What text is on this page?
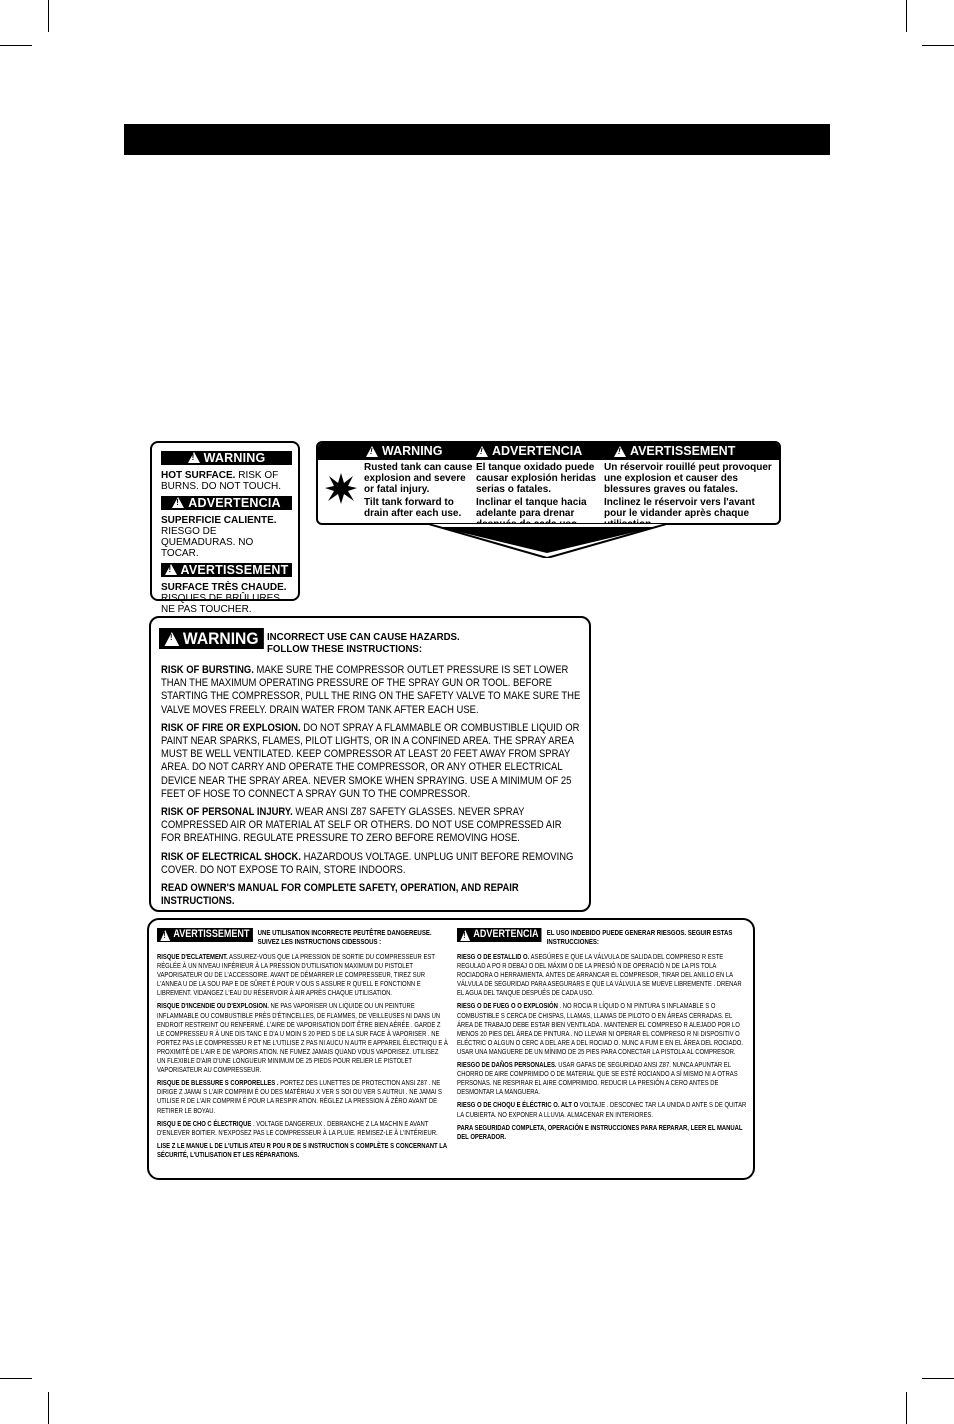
!
WARNING
HOT SURFACE. RISK OF BURNS. DO NOT TOUCH.
!
ADVERTENCIA
SUPERFICIE CALIENTE.
RIESGO DE QUEMADURAS. NO TOCAR.
!
AVERTISSEMENT
SURFACE TRÈS CHAUDE.
RISQUES DE BRÛLURES. NE PAS TOUCHER.
!
WARNING !	ADVERTENCIA !	AVERTISSEMENT

Rusted tank can cause explosion and severe or fatal injury.

Tilt tank forward to drain after each use.

El tanque oxidado puede causar explosión heridas serias o fatales.

Inclinar el tanque hacia adelante para drenar

Un réservoir rouillé peut provoquer une explosion et causer des blessures graves ou fatales.

Inclinez le réservoir vers l'avant pour le vidander après chaque

!
WARNING INCORRECT USE CAN CAUSE HAZARDS.
FOLLOW THESE INSTRUCTIONS:

RISK OF BURSTING. MAKE SURE THE COMPRESSOR OUTLET PRESSURE IS SET LOWER THAN THE MAXIMUM OPERATING PRESSURE OF THE SPRAY GUN OR TOOL. BEFORE STARTING THE COMPRESSOR, PULL THE RING ON THE SAFETY VALVE TO MAKE SURE THE VALVE MOVES FREELY. DRAIN WATER FROM TANK AFTER EACH USE.

RISK OF FIRE OR EXPLOSION. DO NOT SPRAY A FLAMMABLE OR COMBUSTIBLE LIQUID OR PAINT NEAR SPARKS, FLAMES, PILOT LIGHTS, OR IN A CONFINED AREA. THE SPRAY AREA MUST BE WELL VENTILATED. KEEP COMPRESSOR AT LEAST 20 FEET AWAY FROM SPRAY AREA. DO NOT CARRY AND OPERATE THE COMPRESSOR, OR ANY OTHER ELECTRICAL DEVICE NEAR THE SPRAY AREA. NEVER SMOKE WHEN SPRAYING. USE A MINIMUM OF 25 FEET OF HOSE TO CONNECT A SPRAY GUN TO THE COMPRESSOR.

RISK OF PERSONAL INJURY. WEAR ANSI Z87 SAFETY GLASSES. NEVER SPRAY COMPRESSED AIR OR MATERIAL AT SELF OR OTHERS. DO NOT USE COMPRESSED AIR FOR BREATHING. REGULATE PRESSURE TO ZERO BEFORE REMOVING HOSE.

RISK OF ELECTRICAL SHOCK. HAZARDOUS VOLTAGE. UNPLUG UNIT BEFORE REMOVING COVER. DO NOT EXPOSE TO RAIN, STORE INDOORS.

READ OWNER'S MANUAL FOR COMPLETE SAFETY, OPERATION, AND REPAIR INSTRUCTIONS.

!
AVERTISSEMENT UNE UTILISATION INCORRECTE PEUTÊTRE DANGEREUSE. SUIVEZ LES INSTRUCTIONS CIDESSOUS :

RISQUE D'ECLATEMENT. ASSUREZ-VOUS QUE LA PRESSION DE SORTIE DU COMPRESSEUR EST RÉGLÉE À UN NIVEAU INFÉRIEUR À LA PRESSION D'UTILISATION MAXIMUM DU PISTOLET VAPORISATEUR OU DE L'ACCESSOIRE. AVANT DE DÉMARRER LE COMPRESSEUR, TIREZ SUR L'ANNEA U DE LA SOU PAP E DE SÛRET É POUR V OUS S ASSURE R QU'ELL E FONCTIONN E LIBREMENT. VIDANGEZ L'EAU DU RÉSERVOIR À AIR APRÈS CHAQUE UTILISATION.

RISQUE D'INCENDIE OU D'EXPLOSION. NE PAS VAPORISER UN LIQUIDE OU UN PEINTURE INFLAMMABLE OU COMBUSTIBLE PRÈS D'ÉTINCELLES, DE FLAMMES, DE VEILLEUSES NI DANS UN ENDROIT RESTREINT OU RENFERMÉ. L'AIRE DE VAPORISATION DOIT ÊTRE BIEN AÉRÉE . GARDE Z LE COMPRESSEU R À UNE DIS TANC E D'A U MOIN S 20 PIED S DE LA SUR FACE À VAPORISER . NE PORTEZ PAS LE COMPRESSEU R ET NE L'UTILISE Z PAS NI AUCU N AUTR E APPAREIL ÉLECTRIQU E À PROXIMITÉ DE L'AIR E DE VAPORIS ATION. NE FUMEZ JAMAIS QUAND VOUS VAPORISEZ. UTILISEZ UN FLEXIBLE D'AIR D'UNE LONGUEUR MINIMUM DE 25 PIEDS POUR RELIER LE PISTOLET VAPORISATEUR AU COMPRESSEUR.

RISQUE DE BLESSURE S CORPORELLES . PORTEZ DES LUNETTES DE PROTECTION ANSI Z87 . NE DIRIGE Z JAMAI S L'AIR COMPRIM É OU DES MATÉRIAU X VER S SOI OU VER S AUTRUI . NE JAMAI S UTILISE R DE L'AIR COMPRIM É POUR LA RESPIR ATION. RÉGLEZ LA PRESSION À ZÉRO AVANT DE RETIRER LE BOYAU.

RISQU E DE CHO C ÉLECTRIQUE . VOLTAGE DANGEREUX . DEBRANCHE Z LA MACHIN E AVANT D'ENLEVER BOITIER. N'EXPOSEZ PAS LE COMPRESSEUR À LA PLUIE. REMISEZ-LE À L'INTÉRIEUR.

LISE Z LE MANUE L DE L'UTILIS ATEU R POU R DE S INSTRUCTION S COMPLÈTE S CONCERNANT LA SÉCURITÉ, L'UTILISATION ET LES RÉPARATIONS.

!
ADVERTENCIA EL USO INDEBIDO PUEDE GENERAR RIESGOS. SEGUIR ESTAS INSTRUCCIONES:

RIESG O DE ESTALLID O. ASEGÚRES E QUE LA VÁLVULA DE SALIDA DEL COMPRESO R ESTE REGULAD A PO R DEBAJ O DEL MÁXIM O DE LA PRESIÓ N DE OPERACIÓ N DE LA PIS TOLA ROCIADORA O HERRAMIENTA. ANTES DE ARRANCAR EL COMPRESOR, TIRAR DEL ANILLO EN LA VÁLVULA DE SEGURIDAD PARA ASEGURARS E QUE LA VÁLVULA SE MUEVE LIBREMENTE . DRENAR EL AGUA DEL TANQUE DESPUÉS DE CADA USO.

RIESG O DE FUEG O O EXPLOSIÓN . NO ROCIA R LÍQUID O NI PINTURA S INFLAMABLE S O COMBUSTIBLE S CERCA DE CHISPAS, LLAMAS, LLAMAS DE PILOTO O EN ÁREAS CERRADAS. EL ÁREA DE TRABAJO DEBE ESTAR BIEN VENTILADA . MANTENER EL COMPRESO R ALEJADO POR LO MENOS 20 PIES DEL ÁREA DE PINTURA . NO LLEVAR NI OPERAR EL COMPRESO R NI DISPOSITIV O ELÉCTRIC O ALGUN O CERC A DEL ARE A DEL ROCIAD O. NUNC A FUM E EN EL ÁREA DEL ROCIADO. USAR UNA MANGUERE DE UN MÍNIMO DE 25 PIES PARA CONECTAR LA PISTOLA AL COMPRESOR.

RIESGO DE DAÑOS PERSONALES. USAR GAFAS DE SEGURIDAD ANSI Z87. NUNCA APUNTAR EL CHORRO DE AIRE COMPRIMIDO O DE MATERIAL QUE SE ESTÉ ROCIANDO A SÍ MISMO NI A OTRAS PERSONAS. NE RESPIRAR EL AIRE COMPRIMIDO. REDUCIR LA PRESIÓN A CERO ANTES DE DESMONTAR LA MANGUERA.

RIESG O DE CHOQU E ÉLÉCTRIC O. ALT O VOLTAJE . DESCONEC TAR LA UNIDA D ANTE S DE QUITAR LA CUBIERTA. NO EXPONER A LLUVIA. ALMACENAR EN INTERIORES.

PARA SEGURIDAD COMPLETA, OPERACIÓN E INSTRUCCIONES PARA REPARAR, LEER EL MANUAL DEL OPERADOR.
